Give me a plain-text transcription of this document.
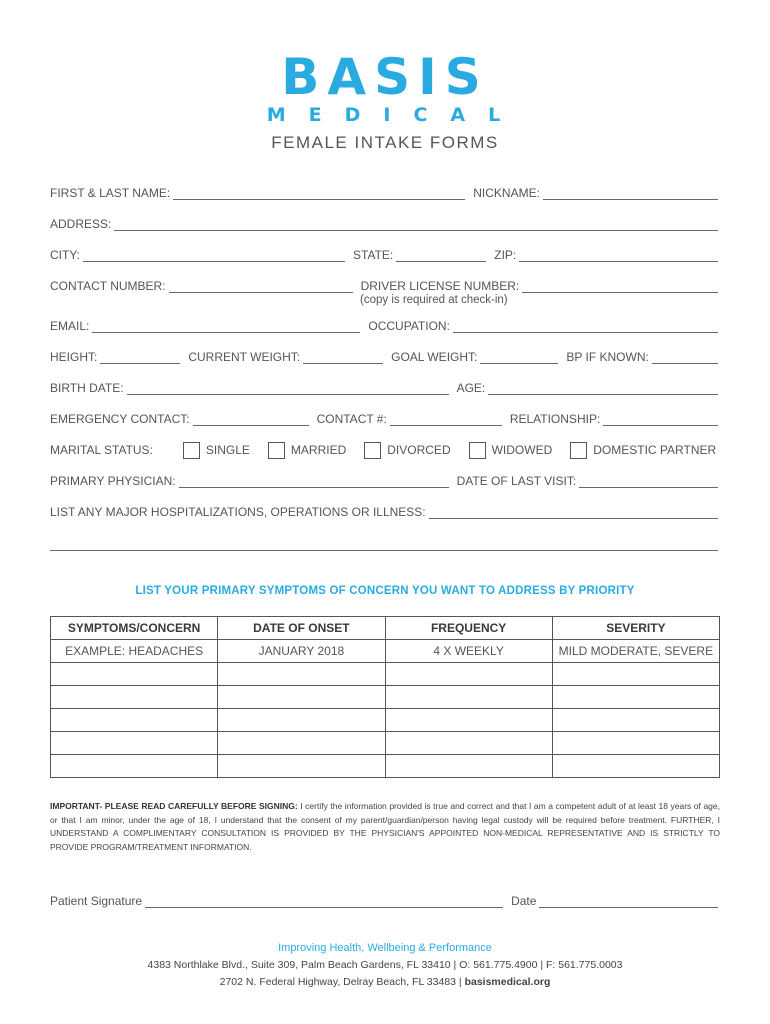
BASIS
MEDICAL
FEMALE INTAKE FORMS
FIRST & LAST NAME:	NICKNAME:
ADDRESS:
CITY:	STATE:	ZIP:
CONTACT NUMBER:	DRIVER LICENSE NUMBER:
(copy is required at check-in)
EMAIL:	OCCUPATION:
HEIGHT:	CURRENT WEIGHT:	GOAL WEIGHT:	BP IF KNOWN:
BIRTH DATE:	AGE:
EMERGENCY CONTACT:	CONTACT #:	RELATIONSHIP:
MARITAL STATUS:	SINGLE	MARRIED	DIVORCED	WIDOWED	DOMESTIC PARTNER
PRIMARY PHYSICIAN:	DATE OF LAST VISIT:
LIST ANY MAJOR HOSPITALIZATIONS, OPERATIONS OR ILLNESS:
LIST YOUR PRIMARY SYMPTOMS OF CONCERN YOU WANT TO ADDRESS BY PRIORITY
SYMPTOMS/CONCERN	DATE OF ONSET	FREQUENCY	SEVERITY
EXAMPLE: HEADACHES	JANUARY 2018	4 X WEEKLY	MILD MODERATE, SEVERE

IMPORTANT- PLEASE READ CAREFULLY BEFORE SIGNING: I certify the information provided is true and correct and that I am a competent adult of at least 18 years of age, or that I am minor, under the age of 18, I understand that the consent of my parent/guardian/person having legal custody will be required before treatment. FURTHER, I UNDERSTAND A COMPLIMENTARY CONSULTATION IS PROVIDED BY THE PHYSICIAN'S APPOINTED NON-MEDICAL REPRESENTATIVE AND IS STRICTLY TO PROVIDE PROGRAM/TREATMENT INFORMATION.
Patient Signature	Date
Improving Health, Wellbeing & Performance
4383 Northlake Blvd., Suite 309, Palm Beach Gardens, FL 33410 | O: 561.775.4900 | F: 561.775.0003
2702 N. Federal Highway, Delray Beach, FL 33483 | basismedical.org
